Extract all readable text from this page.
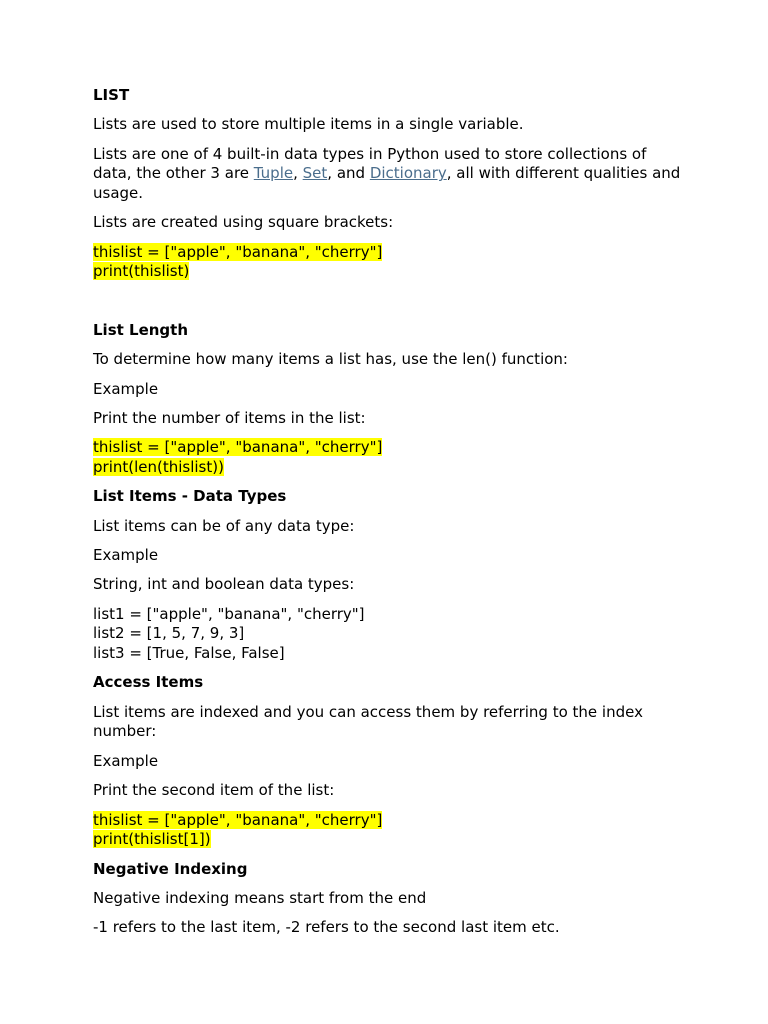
LIST
Lists are used to store multiple items in a single variable.
Lists are one of 4 built-in data types in Python used to store collections of data, the other 3 are Tuple, Set, and Dictionary, all with different qualities and usage.
Lists are created using square brackets:
thislist = ["apple", "banana", "cherry"]
print(thislist)
List Length
To determine how many items a list has, use the len() function:
Example
Print the number of items in the list:
thislist = ["apple", "banana", "cherry"]
print(len(thislist))
List Items - Data Types
List items can be of any data type:
Example
String, int and boolean data types:
list1 = ["apple", "banana", "cherry"]
list2 = [1, 5, 7, 9, 3]
list3 = [True, False, False]
Access Items
List items are indexed and you can access them by referring to the index number:
Example
Print the second item of the list:
thislist = ["apple", "banana", "cherry"]
print(thislist[1])
Negative Indexing
Negative indexing means start from the end
-1 refers to the last item, -2 refers to the second last item etc.
